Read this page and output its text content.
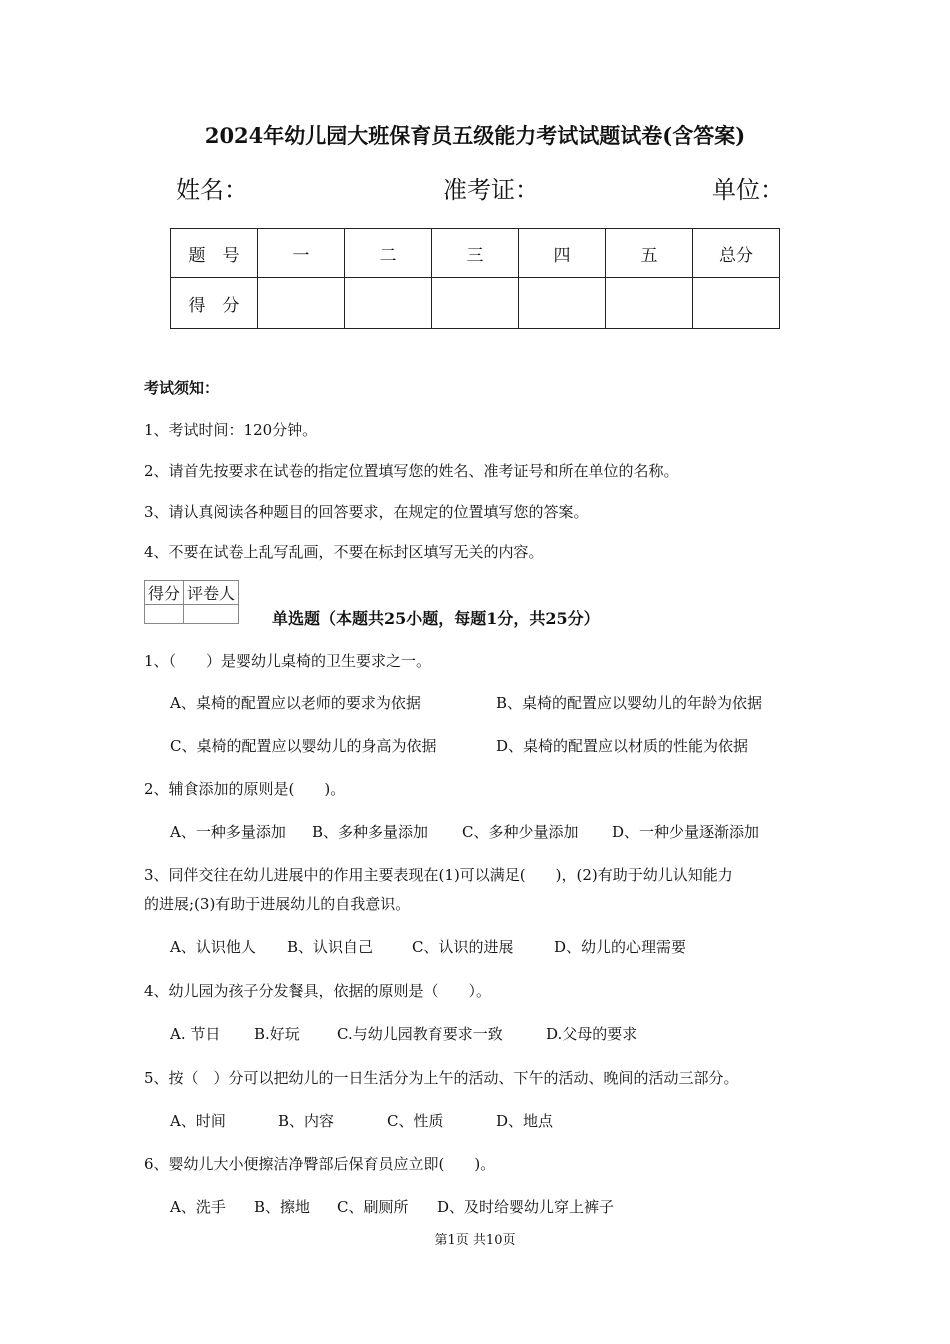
2024年幼儿园大班保育员五级能力考试试题试卷(含答案)
姓名：	准考证：	单位：
题　号	一	二	三	四	五	总分
得　分						
考试须知：
1、考试时间：120分钟。
2、请首先按要求在试卷的指定位置填写您的姓名、准考证号和所在单位的名称。
3、请认真阅读各种题目的回答要求，在规定的位置填写您的答案。
4、不要在试卷上乱写乱画，不要在标封区填写无关的内容。
得分	评卷人

单选题（本题共25小题，每题1分，共25分）
1、（　　）是婴幼儿桌椅的卫生要求之一。
A、桌椅的配置应以老师的要求为依据	B、桌椅的配置应以婴幼儿的年龄为依据
C、桌椅的配置应以婴幼儿的身高为依据	D、桌椅的配置应以材质的性能为依据
2、辅食添加的原则是(　　)。
A、一种多量添加 B、多种多量添加 C、多种少量添加 D、一种少量逐渐添加
3、同伴交往在幼儿进展中的作用主要表现在(1)可以满足(　　)，(2)有助于幼儿认知能力
的进展;(3)有助于进展幼儿的自我意识。
A、认识他人 B、认识自己	C、认识的进展	D、幼儿的心理需要
4、幼儿园为孩子分发餐具，依据的原则是（　　）。
A. 节日 B.好玩 C.与幼儿园教育要求一致	D.父母的要求
5、按（　）分可以把幼儿的一日生活分为上午的活动、下午的活动、晚间的活动三部分。
A、时间	B、内容	C、性质	D、地点
6、婴幼儿大小便擦洁净臀部后保育员应立即(　　)。
A、洗手 B、擦地 C、刷厕所 D、及时给婴幼儿穿上裤子
第1页 共10页
